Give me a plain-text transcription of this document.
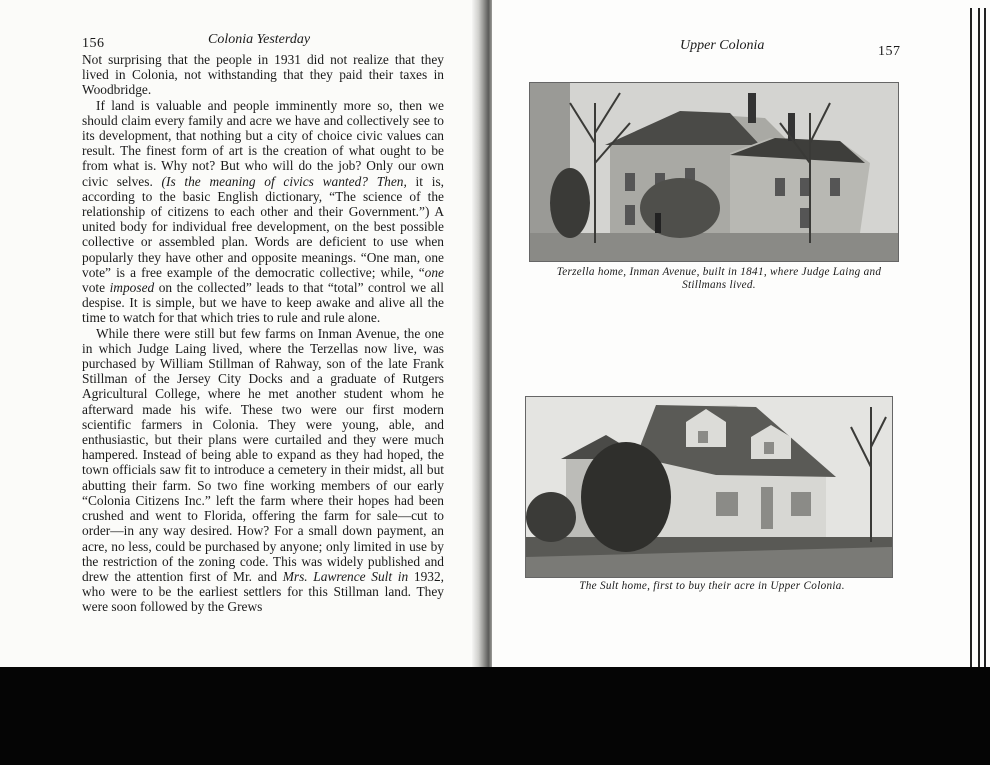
156	Colonia Yesterday

Not surprising that the people in 1931 did not realize that they lived in Colonia, not withstanding that they paid their taxes in Woodbridge.

If land is valuable and people imminently more so, then we should claim every family and acre we have and collectively see to its development, that nothing but a city of choice civic values can result. The finest form of art is the creation of what ought to be from what is. Why not? But who will do the job? Only our own civic selves. (Is the meaning of civics wanted? Then, it is, according to the basic English dictionary, “The science of the relationship of citizens to each other and their Government.”) A united body for individual free development, on the best possible collective or assembled plan. Words are deficient to use when popularly they have other and opposite meanings. “One man, one vote” is a free example of the democratic collective; while, “one vote imposed on the collected” leads to that “total” control we all despise. It is simple, but we have to keep awake and alive all the time to watch for that which tries to rule and rule alone.

While there were still but few farms on Inman Avenue, the one in which Judge Laing lived, where the Terzellas now live, was purchased by William Stillman of Rahway, son of the late Frank Stillman of the Jersey City Docks and a graduate of Rutgers Agricultural College, where he met another student whom he afterward made his wife. These two were our first modern scientific farmers in Colonia. They were young, able, and enthusiastic, but their plans were curtailed and they were much hampered. Instead of being able to expand as they had hoped, the town officials saw fit to introduce a cemetery in their midst, all but abutting their farm. So two fine working members of our early “Colonia Citizens Inc.” left the farm where their hopes had been crushed and went to Florida, offering the farm for sale—cut to order—in any way desired. How? For a small down payment, an acre, no less, could be purchased by anyone; only limited in use by the restriction of the zoning code. This was widely published and drew the attention first of Mr. and Mrs. Lawrence Sult in 1932, who were to be the earliest settlers for this Stillman land. They were soon followed by the Grews

Upper Colonia	157
Terzella home, Inman Avenue, built in 1841, where Judge Laing and Stillmans lived.
The Sult home, first to buy their acre in Upper Colonia.
